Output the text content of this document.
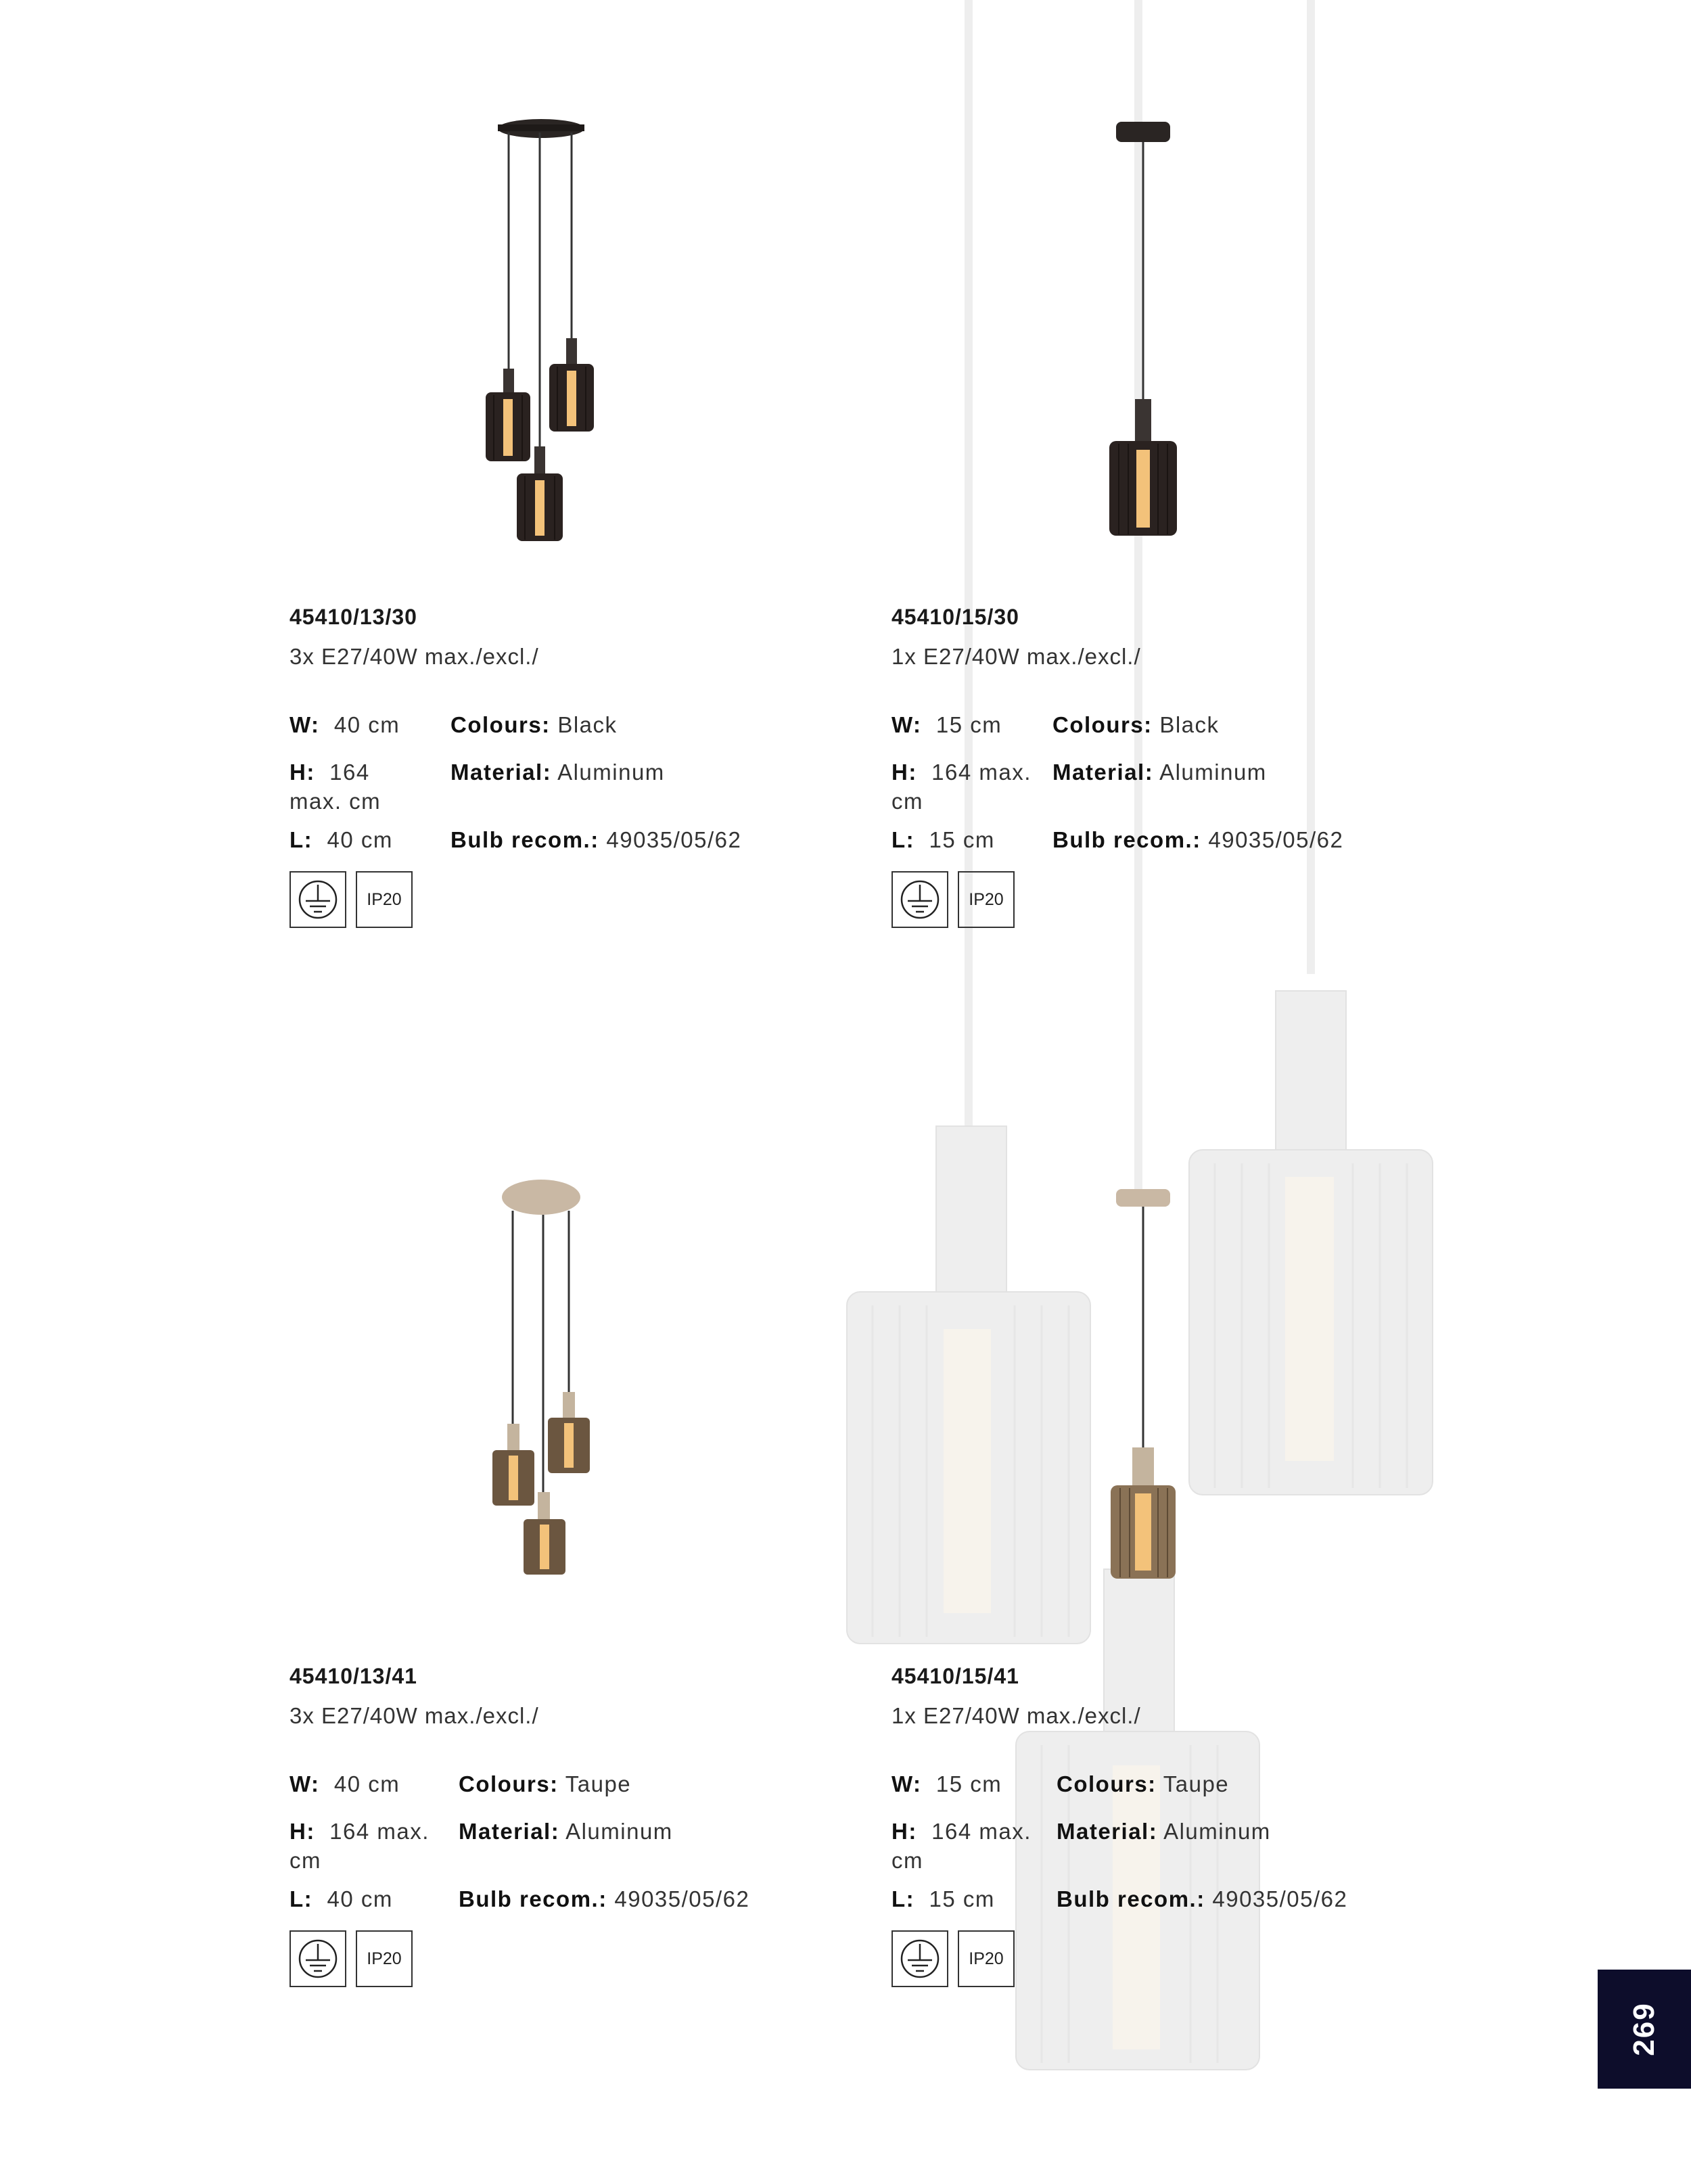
45410/13/30
3x E27/40W max./excl./
W: 40 cm
H: 164 max. cm
L: 40 cm
Colours: Black
Material: Aluminum
Bulb recom.: 49035/05/62
IP20
45410/15/30
1x E27/40W max./excl./
W: 15 cm
H: 164 max. cm
L: 15 cm
Colours: Black
Material: Aluminum
Bulb recom.: 49035/05/62
IP20
45410/13/41
3x E27/40W max./excl./
W: 40 cm
H: 164 max. cm
L: 40 cm
Colours: Taupe
Material: Aluminum
Bulb recom.: 49035/05/62
IP20
45410/15/41
1x E27/40W max./excl./
W: 15 cm
H: 164 max. cm
L: 15 cm
Colours: Taupe
Material: Aluminum
Bulb recom.: 49035/05/62
IP20
269
